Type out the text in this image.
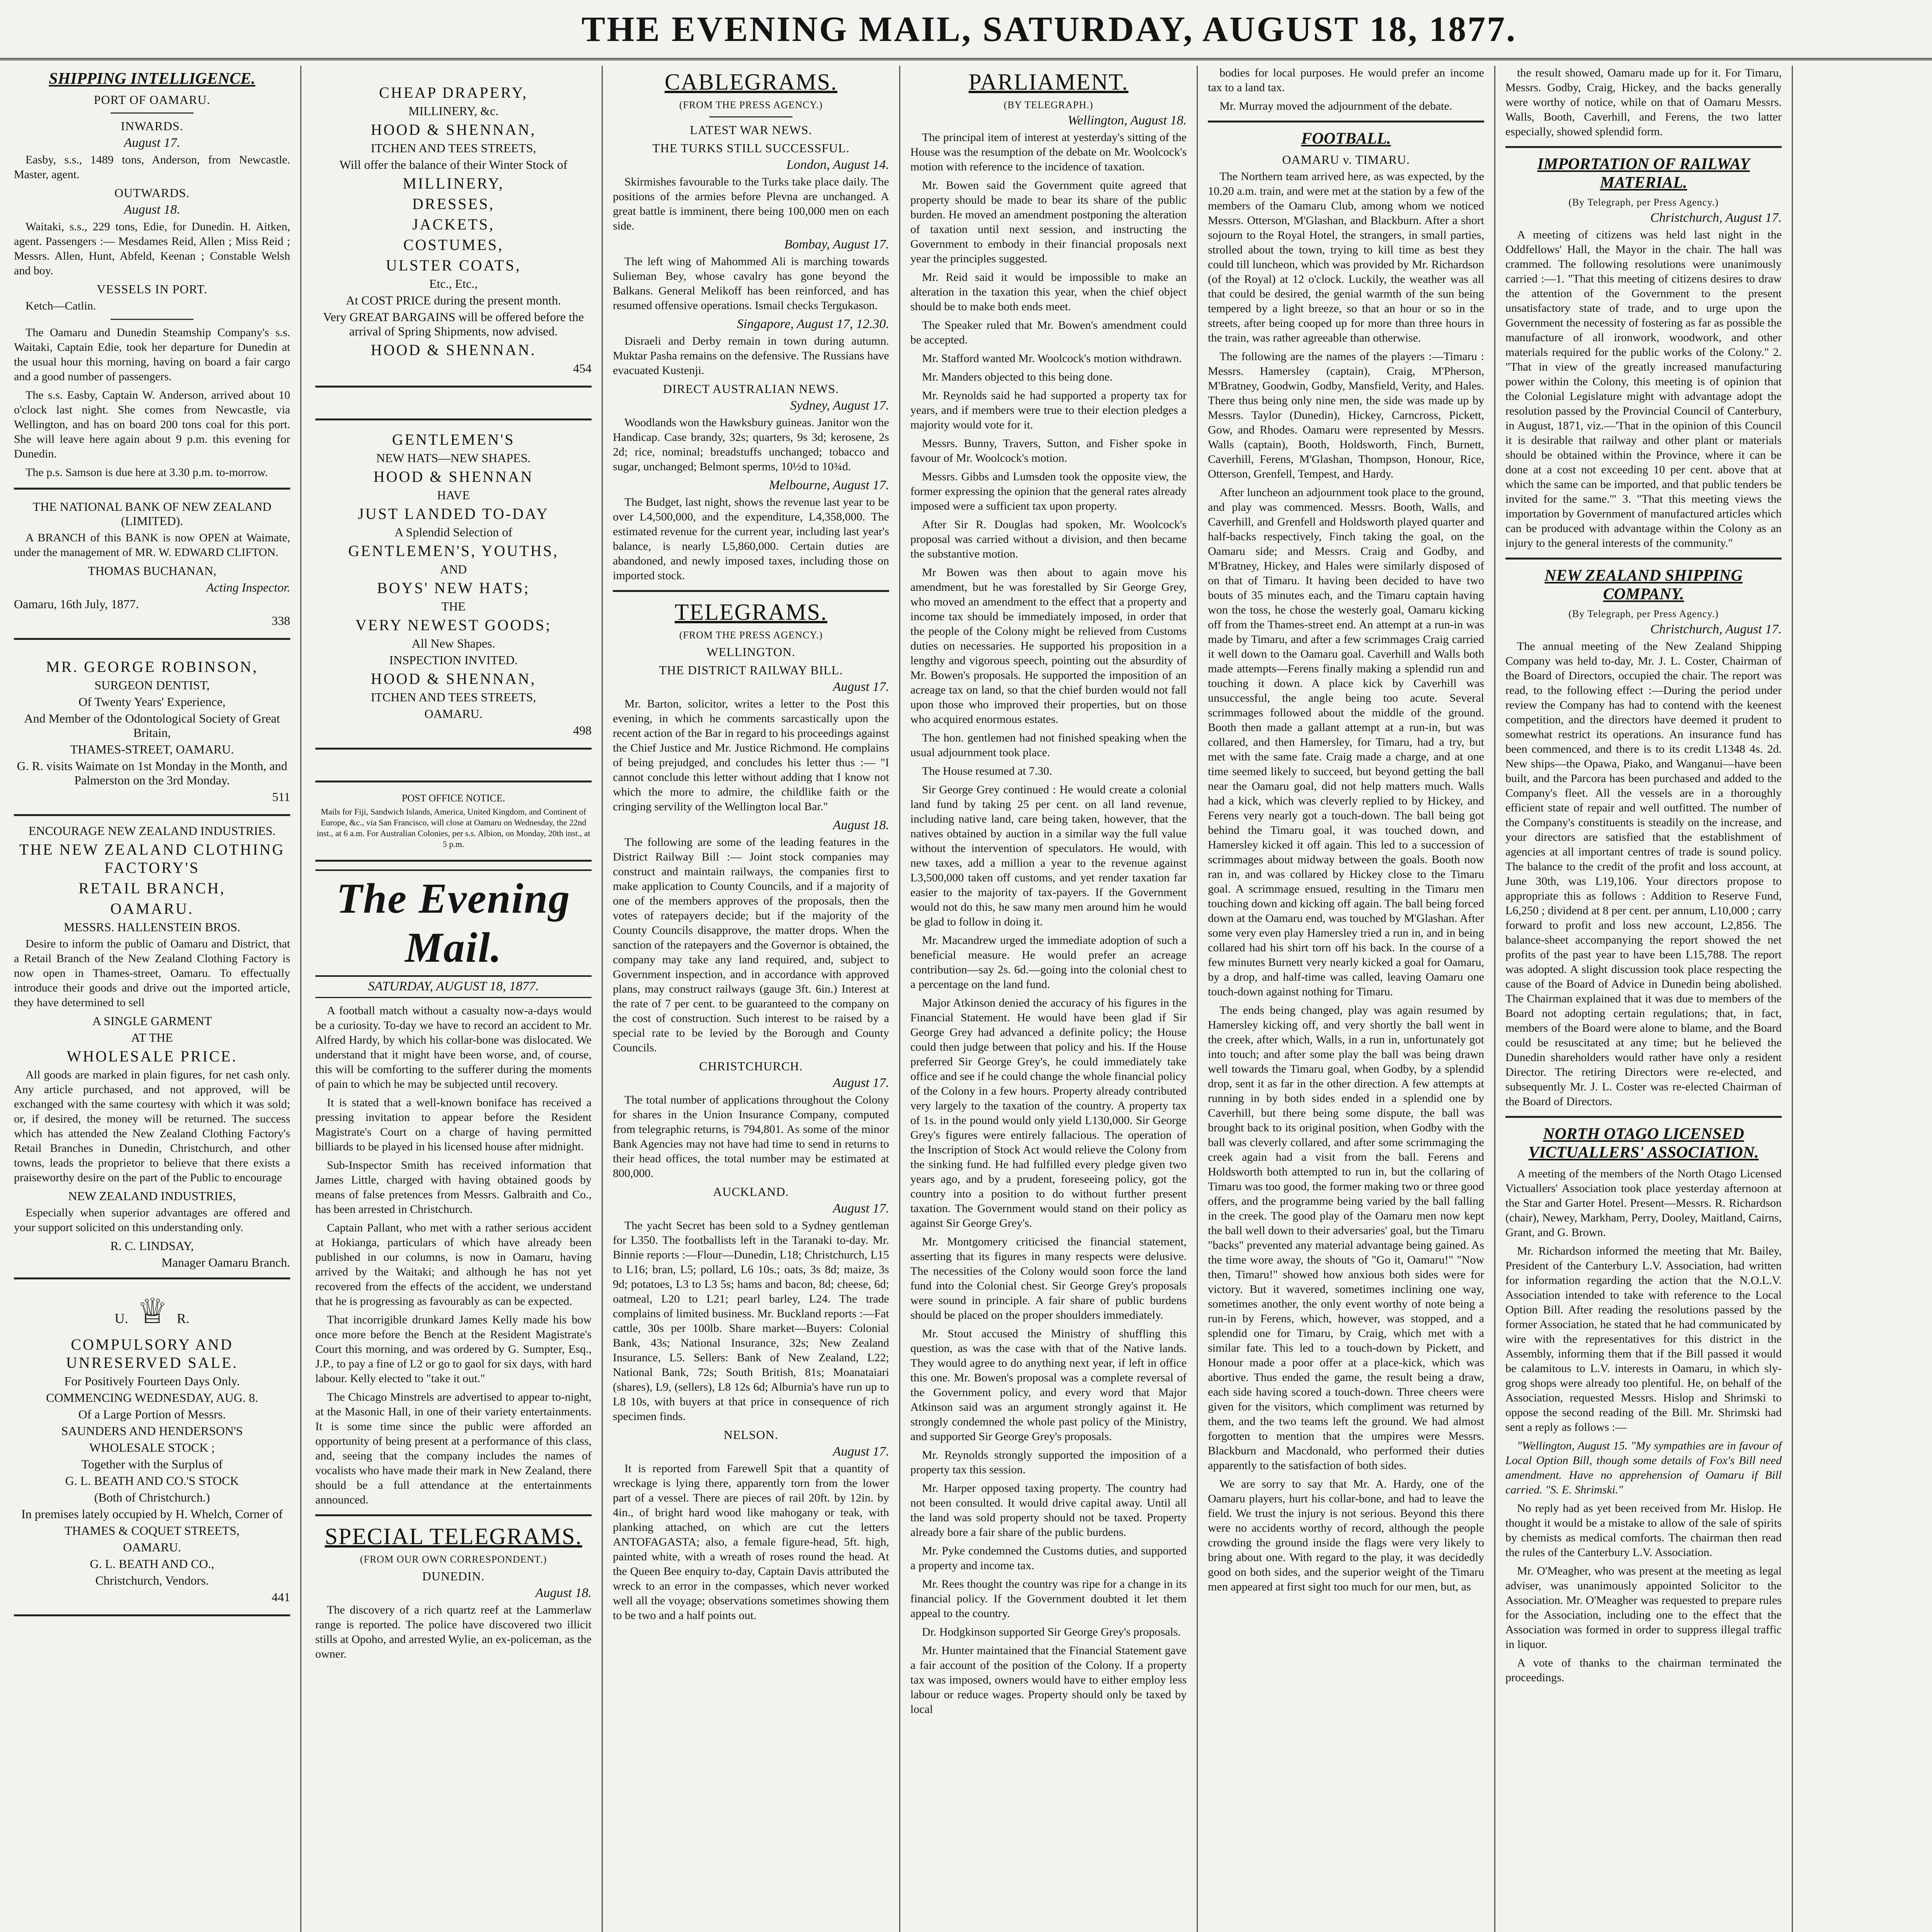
THE EVENING MAIL, SATURDAY, AUGUST 18, 1877.
SHIPPING INTELLIGENCE.
PORT OF OAMARU.
INWARDS.
August 17.

Easby, s.s., 1489 tons, Anderson, from Newcastle. Master, agent.

OUTWARDS.
August 18.

Waitaki, s.s., 229 tons, Edie, for Dunedin. H. Aitken, agent. Passengers :— Mesdames Reid, Allen ; Miss Reid ; Messrs. Allen, Hunt, Abfeld, Keenan ; Constable Welsh and boy.

VESSELS IN PORT.

Ketch—Catlin.

The Oamaru and Dunedin Steamship Company's s.s. Waitaki, Captain Edie, took her departure for Dunedin at the usual hour this morning, having on board a fair cargo and a good number of passengers.

The s.s. Easby, Captain W. Anderson, arrived about 10 o'clock last night. She comes from Newcastle, via Wellington, and has on board 200 tons coal for this port. She will leave here again about 9 p.m. this evening for Dunedin.

The p.s. Samson is due here at 3.30 p.m. to-morrow.

THE NATIONAL BANK OF NEW ZEALAND (LIMITED).

A BRANCH of this BANK is now OPEN at Waimate, under the management of MR. W. EDWARD CLIFTON.

THOMAS BUCHANAN,
Acting Inspector.
Oamaru, 16th July, 1877.
338
MR. GEORGE ROBINSON,
SURGEON DENTIST,
Of Twenty Years' Experience,
And Member of the Odontological Society of Great Britain,
THAMES-STREET, OAMARU.
G. R. visits Waimate on 1st Monday in the Month, and Palmerston on the 3rd Monday.
511
ENCOURAGE NEW ZEALAND INDUSTRIES.
THE NEW ZEALAND CLOTHING FACTORY'S
RETAIL BRANCH,
OAMARU.
MESSRS. HALLENSTEIN BROS.

Desire to inform the public of Oamaru and District, that a Retail Branch of the New Zealand Clothing Factory is now open in Thames-street, Oamaru. To effectually introduce their goods and drive out the imported article, they have determined to sell

A SINGLE GARMENT
AT THE
WHOLESALE PRICE.

All goods are marked in plain figures, for net cash only. Any article purchased, and not approved, will be exchanged with the same courtesy with which it was sold; or, if desired, the money will be returned. The success which has attended the New Zealand Clothing Factory's Retail Branches in Dunedin, Christchurch, and other towns, leads the proprietor to believe that there exists a praiseworthy desire on the part of the Public to encourage

NEW ZEALAND INDUSTRIES,

Especially when superior advantages are offered and your support solicited on this understanding only.

R. C. LINDSAY,
Manager Oamaru Branch.
U. ♕ R.
COMPULSORY AND UNRESERVED SALE.
For Positively Fourteen Days Only.
COMMENCING WEDNESDAY, AUG. 8.
Of a Large Portion of Messrs.
SAUNDERS AND HENDERSON'S
WHOLESALE STOCK ;
Together with the Surplus of
G. L. BEATH AND CO.'S STOCK
(Both of Christchurch.)
In premises lately occupied by H. Whelch, Corner of
THAMES & COQUET STREETS,
OAMARU.
G. L. BEATH AND CO.,
Christchurch, Vendors.
441
CHEAP DRAPERY,
MILLINERY, &c.
HOOD & SHENNAN,
ITCHEN AND TEES STREETS,
Will offer the balance of their Winter Stock of
MILLINERY,
DRESSES,
JACKETS,
COSTUMES,
ULSTER COATS,
Etc., Etc.,
At COST PRICE during the present month.
Very GREAT BARGAINS will be offered before the arrival of Spring Shipments, now advised.
HOOD & SHENNAN.
454
GENTLEMEN'S
NEW HATS—NEW SHAPES.
HOOD & SHENNAN
HAVE
JUST LANDED TO-DAY
A Splendid Selection of
GENTLEMEN'S, YOUTHS,
AND
BOYS' NEW HATS;
THE
VERY NEWEST GOODS;
All New Shapes.
INSPECTION INVITED.
HOOD & SHENNAN,
ITCHEN AND TEES STREETS,
OAMARU.
498
POST OFFICE NOTICE.

Mails for Fiji, Sandwich Islands, America, United Kingdom, and Continent of Europe, &c., via San Francisco, will close at Oamaru on Wednesday, the 22nd inst., at 6 a.m. For Australian Colonies, per s.s. Albion, on Monday, 20th inst., at 5 p.m.

The Evening Mail.
SATURDAY, AUGUST 18, 1877.

A football match without a casualty now-a-days would be a curiosity. To-day we have to record an accident to Mr. Alfred Hardy, by which his collar-bone was dislocated. We understand that it might have been worse, and, of course, this will be comforting to the sufferer during the moments of pain to which he may be subjected until recovery.

It is stated that a well-known boniface has received a pressing invitation to appear before the Resident Magistrate's Court on a charge of having permitted billiards to be played in his licensed house after midnight.

Sub-Inspector Smith has received information that James Little, charged with having obtained goods by means of false pretences from Messrs. Galbraith and Co., has been arrested in Christchurch.

Captain Pallant, who met with a rather serious accident at Hokianga, particulars of which have already been published in our columns, is now in Oamaru, having arrived by the Waitaki; and although he has not yet recovered from the effects of the accident, we understand that he is progressing as favourably as can be expected.

That incorrigible drunkard James Kelly made his bow once more before the Bench at the Resident Magistrate's Court this morning, and was ordered by G. Sumpter, Esq., J.P., to pay a fine of L2 or go to gaol for six days, with hard labour. Kelly elected to "take it out."

The Chicago Minstrels are advertised to appear to-night, at the Masonic Hall, in one of their variety entertainments. It is some time since the public were afforded an opportunity of being present at a performance of this class, and, seeing that the company includes the names of vocalists who have made their mark in New Zealand, there should be a full attendance at the entertainments announced.

SPECIAL TELEGRAMS.
(FROM OUR OWN CORRESPONDENT.)
DUNEDIN.
August 18.

The discovery of a rich quartz reef at the Lammerlaw range is reported. The police have discovered two illicit stills at Opoho, and arrested Wylie, an ex-policeman, as the owner.

CABLEGRAMS.
(FROM THE PRESS AGENCY.)
LATEST WAR NEWS.
THE TURKS STILL SUCCESSFUL.
London, August 14.

Skirmishes favourable to the Turks take place daily. The positions of the armies before Plevna are unchanged. A great battle is imminent, there being 100,000 men on each side.

Bombay, August 17.

The left wing of Mahommed Ali is marching towards Sulieman Bey, whose cavalry has gone beyond the Balkans. General Melikoff has been reinforced, and has resumed offensive operations. Ismail checks Tergukason.

Singapore, August 17, 12.30.

Disraeli and Derby remain in town during autumn. Muktar Pasha remains on the defensive. The Russians have evacuated Kustenji.

DIRECT AUSTRALIAN NEWS.
Sydney, August 17.

Woodlands won the Hawksbury guineas. Janitor won the Handicap. Case brandy, 32s; quarters, 9s 3d; kerosene, 2s 2d; rice, nominal; breadstuffs unchanged; tobacco and sugar, unchanged; Belmont sperms, 10½d to 10¾d.

Melbourne, August 17.

The Budget, last night, shows the revenue last year to be over L4,500,000, and the expenditure, L4,358,000. The estimated revenue for the current year, including last year's balance, is nearly L5,860,000. Certain duties are abandoned, and newly imposed taxes, including those on imported stock.

TELEGRAMS.
(FROM THE PRESS AGENCY.)
WELLINGTON.
THE DISTRICT RAILWAY BILL.
August 17.

Mr. Barton, solicitor, writes a letter to the Post this evening, in which he comments sarcastically upon the recent action of the Bar in regard to his proceedings against the Chief Justice and Mr. Justice Richmond. He complains of being prejudged, and concludes his letter thus :— "I cannot conclude this letter without adding that I know not which the more to admire, the childlike faith or the cringing servility of the Wellington local Bar."

August 18.

The following are some of the leading features in the District Railway Bill :— Joint stock companies may construct and maintain railways, the companies first to make application to County Councils, and if a majority of one of the members approves of the proposals, then the votes of ratepayers decide; but if the majority of the County Councils disapprove, the matter drops. When the sanction of the ratepayers and the Governor is obtained, the company may take any land required, and, subject to Government inspection, and in accordance with approved plans, may construct railways (gauge 3ft. 6in.) Interest at the rate of 7 per cent. to be guaranteed to the company on the cost of construction. Such interest to be raised by a special rate to be levied by the Borough and County Councils.

CHRISTCHURCH.
August 17.

The total number of applications throughout the Colony for shares in the Union Insurance Company, computed from telegraphic returns, is 794,801. As some of the minor Bank Agencies may not have had time to send in returns to their head offices, the total number may be estimated at 800,000.

AUCKLAND.
August 17.

The yacht Secret has been sold to a Sydney gentleman for L350. The footballists left in the Taranaki to-day. Mr. Binnie reports :—Flour—Dunedin, L18; Christchurch, L15 to L16; bran, L5; pollard, L6 10s.; oats, 3s 8d; maize, 3s 9d; potatoes, L3 to L3 5s; hams and bacon, 8d; cheese, 6d; oatmeal, L20 to L21; pearl barley, L24. The trade complains of limited business. Mr. Buckland reports :—Fat cattle, 30s per 100lb. Share market—Buyers: Colonial Bank, 43s; National Insurance, 32s; New Zealand Insurance, L5. Sellers: Bank of New Zealand, L22; National Bank, 72s; South British, 81s; Moanataiari (shares), L9, (sellers), L8 12s 6d; Alburnia's have run up to L8 10s, with buyers at that price in consequence of rich specimen finds.

NELSON.
August 17.

It is reported from Farewell Spit that a quantity of wreckage is lying there, apparently torn from the lower part of a vessel. There are pieces of rail 20ft. by 12in. by 4in., of bright hard wood like mahogany or teak, with planking attached, on which are cut the letters ANTOFAGASTA; also, a female figure-head, 5ft. high, painted white, with a wreath of roses round the head. At the Queen Bee enquiry to-day, Captain Davis attributed the wreck to an error in the compasses, which never worked well all the voyage; observations sometimes showing them to be two and a half points out.

PARLIAMENT.
(BY TELEGRAPH.)
Wellington, August 18.

The principal item of interest at yesterday's sitting of the House was the resumption of the debate on Mr. Woolcock's motion with reference to the incidence of taxation.

Mr. Bowen said the Government quite agreed that property should be made to bear its share of the public burden. He moved an amendment postponing the alteration of taxation until next session, and instructing the Government to embody in their financial proposals next year the principles suggested.

Mr. Reid said it would be impossible to make an alteration in the taxation this year, when the chief object should be to make both ends meet.

The Speaker ruled that Mr. Bowen's amendment could be accepted.

Mr. Stafford wanted Mr. Woolcock's motion withdrawn.

Mr. Manders objected to this being done.

Mr. Reynolds said he had supported a property tax for years, and if members were true to their election pledges a majority would vote for it.

Messrs. Bunny, Travers, Sutton, and Fisher spoke in favour of Mr. Woolcock's motion.

Messrs. Gibbs and Lumsden took the opposite view, the former expressing the opinion that the general rates already imposed were a sufficient tax upon property.

After Sir R. Douglas had spoken, Mr. Woolcock's proposal was carried without a division, and then became the substantive motion.

Mr Bowen was then about to again move his amendment, but he was forestalled by Sir George Grey, who moved an amendment to the effect that a property and income tax should be immediately imposed, in order that the people of the Colony might be relieved from Customs duties on necessaries. He supported his proposition in a lengthy and vigorous speech, pointing out the absurdity of Mr. Bowen's proposals. He supported the imposition of an acreage tax on land, so that the chief burden would not fall upon those who improved their properties, but on those who acquired enormous estates.

The hon. gentlemen had not finished speaking when the usual adjournment took place.

The House resumed at 7.30.

Sir George Grey continued : He would create a colonial land fund by taking 25 per cent. on all land revenue, including native land, care being taken, however, that the natives obtained by auction in a similar way the full value without the intervention of speculators. He would, with new taxes, add a million a year to the revenue against L3,500,000 taken off customs, and yet render taxation far easier to the majority of tax-payers. If the Government would not do this, he saw many men around him he would be glad to follow in doing it.

Mr. Macandrew urged the immediate adoption of such a beneficial measure. He would prefer an acreage contribution—say 2s. 6d.—going into the colonial chest to a percentage on the land fund.

Major Atkinson denied the accuracy of his figures in the Financial Statement. He would have been glad if Sir George Grey had advanced a definite policy; the House could then judge between that policy and his. If the House preferred Sir George Grey's, he could immediately take office and see if he could change the whole financial policy of the Colony in a few hours. Property already contributed very largely to the taxation of the country. A property tax of 1s. in the pound would only yield L130,000. Sir George Grey's figures were entirely fallacious. The operation of the Inscription of Stock Act would relieve the Colony from the sinking fund. He had fulfilled every pledge given two years ago, and by a prudent, foreseeing policy, got the country into a position to do without further present taxation. The Government would stand on their policy as against Sir George Grey's.

Mr. Montgomery criticised the financial statement, asserting that its figures in many respects were delusive. The necessities of the Colony would soon force the land fund into the Colonial chest. Sir George Grey's proposals were sound in principle. A fair share of public burdens should be placed on the proper shoulders immediately.

Mr. Stout accused the Ministry of shuffling this question, as was the case with that of the Native lands. They would agree to do anything next year, if left in office this one. Mr. Bowen's proposal was a complete reversal of the Government policy, and every word that Major Atkinson said was an argument strongly against it. He strongly condemned the whole past policy of the Ministry, and supported Sir George Grey's proposals.

Mr. Reynolds strongly supported the imposition of a property tax this session.

Mr. Harper opposed taxing property. The country had not been consulted. It would drive capital away. Until all the land was sold property should not be taxed. Property already bore a fair share of the public burdens.

Mr. Pyke condemned the Customs duties, and supported a property and income tax.

Mr. Rees thought the country was ripe for a change in its financial policy. If the Government doubted it let them appeal to the country.

Dr. Hodgkinson supported Sir George Grey's proposals.

Mr. Hunter maintained that the Financial Statement gave a fair account of the position of the Colony. If a property tax was imposed, owners would have to either employ less labour or reduce wages. Property should only be taxed by local

bodies for local purposes. He would prefer an income tax to a land tax.

Mr. Murray moved the adjournment of the debate.

FOOTBALL.
OAMARU v. TIMARU.

The Northern team arrived here, as was expected, by the 10.20 a.m. train, and were met at the station by a few of the members of the Oamaru Club, among whom we noticed Messrs. Otterson, M'Glashan, and Blackburn. After a short sojourn to the Royal Hotel, the strangers, in small parties, strolled about the town, trying to kill time as best they could till luncheon, which was provided by Mr. Richardson (of the Royal) at 12 o'clock. Luckily, the weather was all that could be desired, the genial warmth of the sun being tempered by a light breeze, so that an hour or so in the streets, after being cooped up for more than three hours in the train, was rather agreeable than otherwise.

The following are the names of the players :—Timaru : Messrs. Hamersley (captain), Craig, M'Pherson, M'Bratney, Goodwin, Godby, Mansfield, Verity, and Hales. There thus being only nine men, the side was made up by Messrs. Taylor (Dunedin), Hickey, Carncross, Pickett, Gow, and Rhodes. Oamaru were represented by Messrs. Walls (captain), Booth, Holdsworth, Finch, Burnett, Caverhill, Ferens, M'Glashan, Thompson, Honour, Rice, Otterson, Grenfell, Tempest, and Hardy.

After luncheon an adjournment took place to the ground, and play was commenced. Messrs. Booth, Walls, and Caverhill, and Grenfell and Holdsworth played quarter and half-backs respectively, Finch taking the goal, on the Oamaru side; and Messrs. Craig and Godby, and M'Bratney, Hickey, and Hales were similarly disposed of on that of Timaru. It having been decided to have two bouts of 35 minutes each, and the Timaru captain having won the toss, he chose the westerly goal, Oamaru kicking off from the Thames-street end. An attempt at a run-in was made by Timaru, and after a few scrimmages Craig carried it well down to the Oamaru goal. Caverhill and Walls both made attempts—Ferens finally making a splendid run and touching it down. A place kick by Caverhill was unsuccessful, the angle being too acute. Several scrimmages followed about the middle of the ground. Booth then made a gallant attempt at a run-in, but was collared, and then Hamersley, for Timaru, had a try, but met with the same fate. Craig made a charge, and at one time seemed likely to succeed, but beyond getting the ball near the Oamaru goal, did not help matters much. Walls had a kick, which was cleverly replied to by Hickey, and Ferens very nearly got a touch-down. The ball being got behind the Timaru goal, it was touched down, and Hamersley kicked it off again. This led to a succession of scrimmages about midway between the goals. Booth now ran in, and was collared by Hickey close to the Timaru goal. A scrimmage ensued, resulting in the Timaru men touching down and kicking off again. The ball being forced down at the Oamaru end, was touched by M'Glashan. After some very even play Hamersley tried a run in, and in being collared had his shirt torn off his back. In the course of a few minutes Burnett very nearly kicked a goal for Oamaru, by a drop, and half-time was called, leaving Oamaru one touch-down against nothing for Timaru.

The ends being changed, play was again resumed by Hamersley kicking off, and very shortly the ball went in the creek, after which, Walls, in a run in, unfortunately got into touch; and after some play the ball was being drawn well towards the Timaru goal, when Godby, by a splendid drop, sent it as far in the other direction. A few attempts at running in by both sides ended in a splendid one by Caverhill, but there being some dispute, the ball was brought back to its original position, when Godby with the ball was cleverly collared, and after some scrimmaging the creek again had a visit from the ball. Ferens and Holdsworth both attempted to run in, but the collaring of Timaru was too good, the former making two or three good offers, and the programme being varied by the ball falling in the creek. The good play of the Oamaru men now kept the ball well down to their adversaries' goal, but the Timaru "backs" prevented any material advantage being gained. As the time wore away, the shouts of "Go it, Oamaru!" "Now then, Timaru!" showed how anxious both sides were for victory. But it wavered, sometimes inclining one way, sometimes another, the only event worthy of note being a run-in by Ferens, which, however, was stopped, and a splendid one for Timaru, by Craig, which met with a similar fate. This led to a touch-down by Pickett, and Honour made a poor offer at a place-kick, which was abortive. Thus ended the game, the result being a draw, each side having scored a touch-down. Three cheers were given for the visitors, which compliment was returned by them, and the two teams left the ground. We had almost forgotten to mention that the umpires were Messrs. Blackburn and Macdonald, who performed their duties apparently to the satisfaction of both sides.

We are sorry to say that Mr. A. Hardy, one of the Oamaru players, hurt his collar-bone, and had to leave the field. We trust the injury is not serious. Beyond this there were no accidents worthy of record, although the people crowding the ground inside the flags were very likely to bring about one. With regard to the play, it was decidedly good on both sides, and the superior weight of the Timaru men appeared at first sight too much for our men, but, as

the result showed, Oamaru made up for it. For Timaru, Messrs. Godby, Craig, Hickey, and the backs generally were worthy of notice, while on that of Oamaru Messrs. Walls, Booth, Caverhill, and Ferens, the two latter especially, showed splendid form.

IMPORTATION OF RAILWAY MATERIAL.
(By Telegraph, per Press Agency.)
Christchurch, August 17.

A meeting of citizens was held last night in the Oddfellows' Hall, the Mayor in the chair. The hall was crammed. The following resolutions were unanimously carried :—1. "That this meeting of citizens desires to draw the attention of the Government to the present unsatisfactory state of trade, and to urge upon the Government the necessity of fostering as far as possible the manufacture of all ironwork, woodwork, and other materials required for the public works of the Colony." 2. "That in view of the greatly increased manufacturing power within the Colony, this meeting is of opinion that the Colonial Legislature might with advantage adopt the resolution passed by the Provincial Council of Canterbury, in August, 1871, viz.—'That in the opinion of this Council it is desirable that railway and other plant or materials should be obtained within the Province, where it can be done at a cost not exceeding 10 per cent. above that at which the same can be imported, and that public tenders be invited for the same.'" 3. "That this meeting views the importation by Government of manufactured articles which can be produced with advantage within the Colony as an injury to the general interests of the community."

NEW ZEALAND SHIPPING COMPANY.
(By Telegraph, per Press Agency.)
Christchurch, August 17.

The annual meeting of the New Zealand Shipping Company was held to-day, Mr. J. L. Coster, Chairman of the Board of Directors, occupied the chair. The report was read, to the following effect :—During the period under review the Company has had to contend with the keenest competition, and the directors have deemed it prudent to somewhat restrict its operations. An insurance fund has been commenced, and there is to its credit L1348 4s. 2d. New ships—the Opawa, Piako, and Wanganui—have been built, and the Parcora has been purchased and added to the Company's fleet. All the vessels are in a thoroughly efficient state of repair and well outfitted. The number of the Company's constituents is steadily on the increase, and your directors are satisfied that the establishment of agencies at all important centres of trade is sound policy. The balance to the credit of the profit and loss account, at June 30th, was L19,106. Your directors propose to appropriate this as follows : Addition to Reserve Fund, L6,250 ; dividend at 8 per cent. per annum, L10,000 ; carry forward to profit and loss new account, L2,856. The balance-sheet accompanying the report showed the net profits of the past year to have been L15,788. The report was adopted. A slight discussion took place respecting the cause of the Board of Advice in Dunedin being abolished. The Chairman explained that it was due to members of the Board not adopting certain regulations; that, in fact, members of the Board were alone to blame, and the Board could be resuscitated at any time; but he believed the Dunedin shareholders would rather have only a resident Director. The retiring Directors were re-elected, and subsequently Mr. J. L. Coster was re-elected Chairman of the Board of Directors.

NORTH OTAGO LICENSED VICTUALLERS' ASSOCIATION.

A meeting of the members of the North Otago Licensed Victuallers' Association took place yesterday afternoon at the Star and Garter Hotel. Present—Messrs. R. Richardson (chair), Newey, Markham, Perry, Dooley, Maitland, Cairns, Grant, and G. Brown.

Mr. Richardson informed the meeting that Mr. Bailey, President of the Canterbury L.V. Association, had written for information regarding the action that the N.O.L.V. Association intended to take with reference to the Local Option Bill. After reading the resolutions passed by the former Association, he stated that he had communicated by wire with the representatives for this district in the Assembly, informing them that if the Bill passed it would be calamitous to L.V. interests in Oamaru, in which sly-grog shops were already too plentiful. He, on behalf of the Association, requested Messrs. Hislop and Shrimski to oppose the second reading of the Bill. Mr. Shrimski had sent a reply as follows :—

"Wellington, August 15. "My sympathies are in favour of Local Option Bill, though some details of Fox's Bill need amendment. Have no apprehension of Oamaru if Bill carried. "S. E. Shrimski."

No reply had as yet been received from Mr. Hislop. He thought it would be a mistake to allow of the sale of spirits by chemists as medical comforts. The chairman then read the rules of the Canterbury L.V. Association.

Mr. O'Meagher, who was present at the meeting as legal adviser, was unanimously appointed Solicitor to the Association. Mr. O'Meagher was requested to prepare rules for the Association, including one to the effect that the Association was formed in order to suppress illegal traffic in liquor.

A vote of thanks to the chairman terminated the proceedings.
